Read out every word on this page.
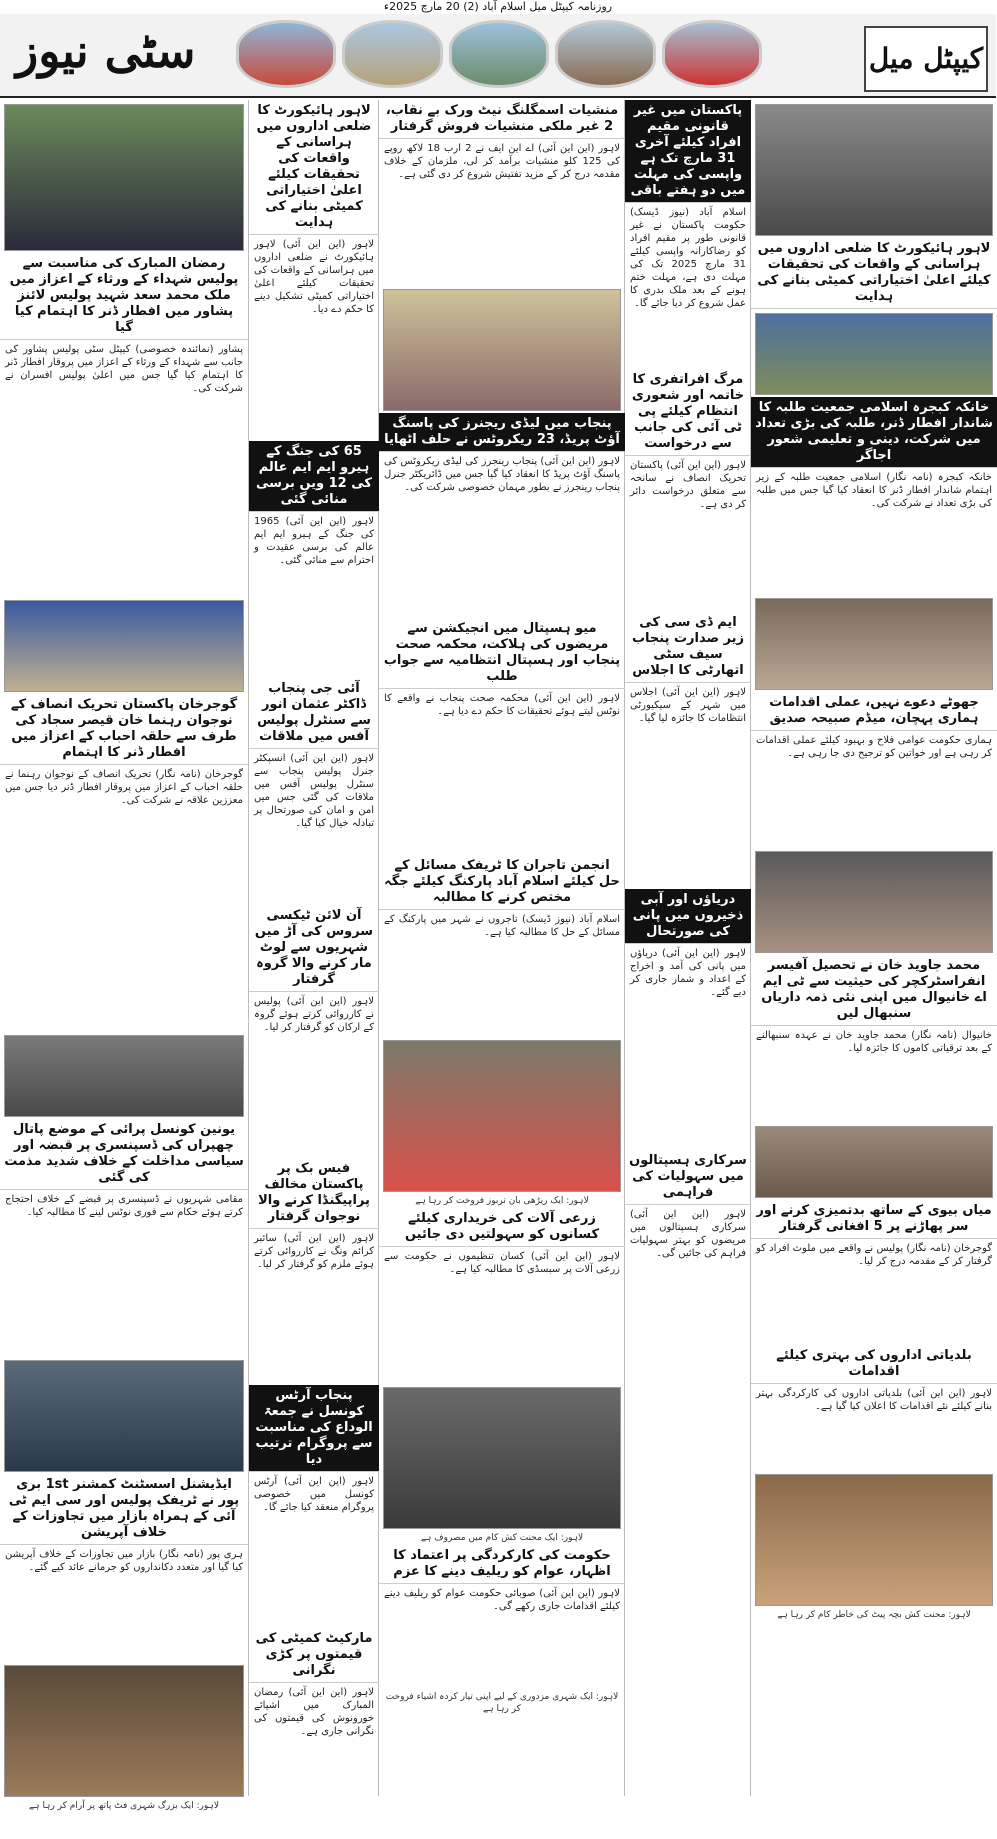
روزنامہ کیپٹل میل اسلام آباد (2) 20 مارچ 2025ء
سٹی نیوز	کیپٹل میل
لاہور ہائیکورٹ کا ضلعی اداروں میں ہراسانی کے واقعات کی تحقیقات کیلئے اعلیٰ اختیاراتی کمیٹی بنانے کی ہدایت
خانکہ کبجرہ اسلامی جمعیت طلبہ کا شاندار افطار ڈنر، طلبہ کی بڑی تعداد میں شرکت، دینی و تعلیمی شعور اجاگر
خانکہ کبجرہ (نامہ نگار) اسلامی جمعیت طلبہ کے زیر اہتمام شاندار افطار ڈنر کا انعقاد کیا گیا جس میں طلبہ کی بڑی تعداد نے شرکت کی۔
جھوٹے دعوے نہیں، عملی اقدامات ہماری پہچان، میڈم صبیحہ صدیق
ہماری حکومت عوامی فلاح و بہبود کیلئے عملی اقدامات کر رہی ہے اور خواتین کو ترجیح دی جا رہی ہے۔
محمد جاوید خان نے تحصیل آفیسر انفراسٹرکچر کی حیثیت سے ٹی ایم اے خانیوال میں اپنی نئی ذمہ داریاں سنبھال لیں
خانیوال (نامہ نگار) محمد جاوید خان نے عہدہ سنبھالنے کے بعد ترقیاتی کاموں کا جائزہ لیا۔
میاں بیوی کے ساتھ بدتمیزی کرنے اور سر پھاڑنے پر 5 افغانی گرفتار
گوجرخان (نامہ نگار) پولیس نے واقعے میں ملوث افراد کو گرفتار کر کے مقدمہ درج کر لیا۔
بلدیاتی اداروں کی بہتری کیلئے اقدامات
لاہور (این این آئی) بلدیاتی اداروں کی کارکردگی بہتر بنانے کیلئے نئے اقدامات کا اعلان کیا گیا ہے۔
لاہور: محنت کش بچہ پیٹ کی خاطر کام کر رہا ہے
پاکستان میں غیر قانونی مقیم افراد کیلئے آخری 31 مارچ تک ہے واپسی کی مہلت میں دو ہفتے باقی
اسلام آباد (نیوز ڈیسک) حکومت پاکستان نے غیر قانونی طور پر مقیم افراد کو رضاکارانہ واپسی کیلئے 31 مارچ 2025 تک کی مہلت دی ہے، مہلت ختم ہونے کے بعد ملک بدری کا عمل شروع کر دیا جائے گا۔
مرگ افراتفری کا خاتمہ اور شعوری انتظام کیلئے پی ٹی آئی کی جانب سے درخواست
لاہور (این این آئی) پاکستان تحریک انصاف نے سانحہ سے متعلق درخواست دائر کر دی ہے۔
ایم ڈی سی کی زیر صدارت پنجاب سیف سٹی اتھارٹی کا اجلاس
لاہور (این این آئی) اجلاس میں شہر کے سیکیورٹی انتظامات کا جائزہ لیا گیا۔
دریاؤں اور آبی ذخیروں میں پانی کی صورتحال
لاہور (این این آئی) دریاؤں میں پانی کی آمد و اخراج کے اعداد و شمار جاری کر دیے گئے۔
سرکاری ہسپتالوں میں سہولیات کی فراہمی
لاہور (این این آئی) سرکاری ہسپتالوں میں مریضوں کو بہتر سہولیات فراہم کی جائیں گی۔
منشیات اسمگلنگ نیٹ ورک بے نقاب، 2 غیر ملکی منشیات فروش گرفتار
لاہور (این این آئی) اے این ایف نے 2 ارب 18 لاکھ روپے کی 125 کلو منشیات برآمد کر لی، ملزمان کے خلاف مقدمہ درج کر کے مزید تفتیش شروع کر دی گئی ہے۔
پنجاب میں لیڈی ریجنرز کی پاسنگ آؤٹ پریڈ، 23 ریکروٹس نے حلف اٹھایا
لاہور (این این آئی) پنجاب رینجرز کی لیڈی ریکروٹس کی پاسنگ آؤٹ پریڈ کا انعقاد کیا گیا جس میں ڈائریکٹر جنرل پنجاب رینجرز نے بطور مہمان خصوصی شرکت کی۔
میو ہسپتال میں انجیکشن سے مریضوں کی ہلاکت، محکمہ صحت پنجاب اور ہسپتال انتظامیہ سے جواب طلب
لاہور (این این آئی) محکمہ صحت پنجاب نے واقعے کا نوٹس لیتے ہوئے تحقیقات کا حکم دے دیا ہے۔
انجمن تاجران کا ٹریفک مسائل کے حل کیلئے اسلام آباد پارکنگ کیلئے جگہ مختص کرنے کا مطالبہ
اسلام آباد (نیوز ڈیسک) تاجروں نے شہر میں پارکنگ کے مسائل کے حل کا مطالبہ کیا ہے۔
لاہور: ایک ریڑھی بان تربوز فروخت کر رہا ہے
زرعی آلات کی خریداری کیلئے کسانوں کو سہولتیں دی جائیں
لاہور (این این آئی) کسان تنظیموں نے حکومت سے زرعی آلات پر سبسڈی کا مطالبہ کیا ہے۔
لاہور: ایک محنت کش کام میں مصروف ہے
حکومت کی کارکردگی پر اعتماد کا اظہار، عوام کو ریلیف دینے کا عزم
لاہور (این این آئی) صوبائی حکومت عوام کو ریلیف دینے کیلئے اقدامات جاری رکھے گی۔
لاہور: ایک شہری مزدوری کے لیے اپنی تیار کردہ اشیاء فروخت کر رہا ہے
لاہور ہائیکورٹ کا ضلعی اداروں میں ہراسانی کے واقعات کی تحقیقات کیلئے اعلیٰ اختیاراتی کمیٹی بنانے کی ہدایت
لاہور (این این آئی) لاہور ہائیکورٹ نے ضلعی اداروں میں ہراسانی کے واقعات کی تحقیقات کیلئے اعلیٰ اختیاراتی کمیٹی تشکیل دینے کا حکم دے دیا۔
65 کی جنگ کے ہیرو ایم ایم عالم کی 12 ویں برسی منائی گئی
لاہور (این این آئی) 1965 کی جنگ کے ہیرو ایم ایم عالم کی برسی عقیدت و احترام سے منائی گئی۔
آئی جی پنجاب ڈاکٹر عثمان انور سے سنٹرل پولیس آفس میں ملاقات
لاہور (این این آئی) انسپکٹر جنرل پولیس پنجاب سے سنٹرل پولیس آفس میں ملاقات کی گئی جس میں امن و امان کی صورتحال پر تبادلہ خیال کیا گیا۔
آن لائن ٹیکسی سروس کی آڑ میں شہریوں سے لوٹ مار کرنے والا گروہ گرفتار
لاہور (این این آئی) پولیس نے کارروائی کرتے ہوئے گروہ کے ارکان کو گرفتار کر لیا۔
فیس بک پر پاکستان مخالف پراپیگنڈا کرنے والا نوجوان گرفتار
لاہور (این این آئی) سائبر کرائم ونگ نے کارروائی کرتے ہوئے ملزم کو گرفتار کر لیا۔
پنجاب آرٹس کونسل نے جمعۃ الوداع کی مناسبت سے پروگرام ترتیب دیا
لاہور (این این آئی) آرٹس کونسل میں خصوصی پروگرام منعقد کیا جائے گا۔
مارکیٹ کمیٹی کی قیمتوں پر کڑی نگرانی
لاہور (این این آئی) رمضان المبارک میں اشیائے خورونوش کی قیمتوں کی نگرانی جاری ہے۔
رمضان المبارک کی مناسبت سے پولیس شہداء کے ورثاء کے اعزاز میں ملک محمد سعد شہید پولیس لائنز پشاور میں افطار ڈنر کا اہتمام کیا گیا
پشاور (نمائندہ خصوصی) کیپٹل سٹی پولیس پشاور کی جانب سے شہداء کے ورثاء کے اعزاز میں پروقار افطار ڈنر کا اہتمام کیا گیا جس میں اعلیٰ پولیس افسران نے شرکت کی۔
گوجرخان پاکستان تحریک انصاف کے نوجوان رہنما خان قیصر سجاد کی طرف سے حلقہ احباب کے اعزاز میں افطار ڈنر کا اہتمام
گوجرخان (نامہ نگار) تحریک انصاف کے نوجوان رہنما نے حلقہ احباب کے اعزاز میں پروقار افطار ڈنر دیا جس میں معززین علاقہ نے شرکت کی۔
یونین کونسل پرائی کے موضع پاتال چھپراں کی ڈسپنسری پر قبضہ اور سیاسی مداخلت کے خلاف شدید مذمت کی گئی
مقامی شہریوں نے ڈسپنسری پر قبضے کے خلاف احتجاج کرتے ہوئے حکام سے فوری نوٹس لینے کا مطالبہ کیا۔
ایڈیشنل اسسٹنٹ کمشنر 1st بری پور نے ٹریفک پولیس اور سی ایم ٹی آئی کے ہمراہ بازار میں تجاوزات کے خلاف آپریشن
ہری پور (نامہ نگار) بازار میں تجاوزات کے خلاف آپریشن کیا گیا اور متعدد دکانداروں کو جرمانے عائد کیے گئے۔
لاہور: ایک بزرگ شہری فٹ پاتھ پر آرام کر رہا ہے
